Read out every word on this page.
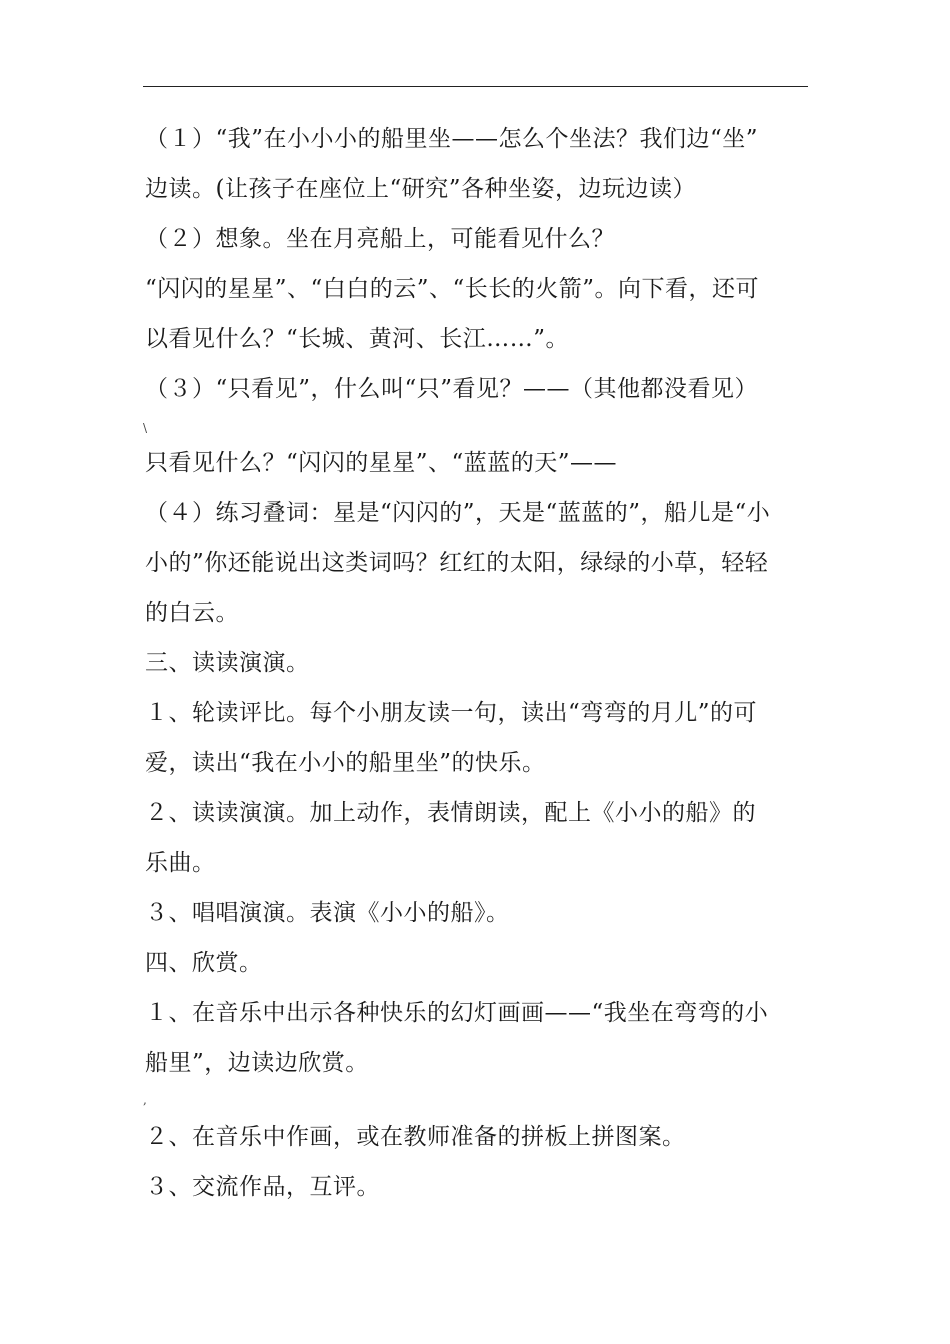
（１）“我”在小小小的船里坐——怎么个坐法？我们边“坐”
边读。(让孩子在座位上“研究”各种坐姿，边玩边读）
（２）想象。坐在月亮船上，可能看见什么？
“闪闪的星星”、“白白的云”、“长长的火箭”。向下看，还可
以看见什么？“长城、黄河、长江……”。
（３）“只看见”，什么叫“只”看见？——（其他都没看见）
\
只看见什么？“闪闪的星星”、“蓝蓝的天”——
（４）练习叠词：星是“闪闪的”，天是“蓝蓝的”，船儿是“小
小的”你还能说出这类词吗？红红的太阳，绿绿的小草，轻轻
的白云。
三、读读演演。
１、轮读评比。每个小朋友读一句，读出“弯弯的月儿”的可
爱，读出“我在小小的船里坐”的快乐。
２、读读演演。加上动作，表情朗读，配上《小小的船》的
乐曲。
３、唱唱演演。表演《小小的船》。
四、欣赏。
１、在音乐中出示各种快乐的幻灯画画——“我坐在弯弯的小
船里”，边读边欣赏。
,
２、在音乐中作画，或在教师准备的拼板上拼图案。
３、交流作品，互评。
